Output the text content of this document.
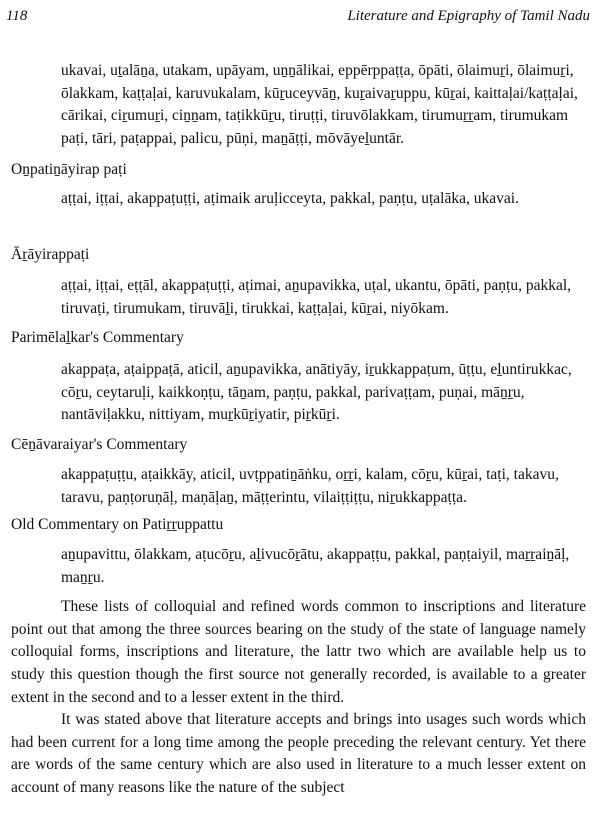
118	Literature and Epigraphy of Tamil Nadu
ukavai, uṯalāṉa, utakam, upāyam, uṉṉālikai, eppērppaṭṭa, ōpāti, ōlaimuṟi, ōlaimuṟi, ōlakkam, kaṭṭaḷai, karuvukalam, kūṟuceyvāṉ, kuṟaivaṟuppu, kūṟai, kaittaḷai/kaṭṭaḷai, cārikai, ciṟumuṟi, ciṉṉam, taṭikkūṟu, tiruṭṭi, tiruvōlakkam, tirumuṟṟam, tirumukam paṭi, tāri, paṭappai, palicu, pūṇi, maṉāṭṭi, mōvāyeḻuntār.
Oṉpatiṉāyirap paṭi
aṭṭai, iṭṭai, akappaṭuṭṭi, aṭimaik aruḷicceyta, pakkal, paṇṭu, uṭalāka, ukavai.
Āṟāyirappaṭi
aṭṭai, iṭṭai, eṭṭāl, akappaṭuṭṭi, aṭimai, aṉupavikka, uṭal, ukantu, ōpāti, paṇṭu, pakkal, tiruvaṭi, tirumukam, tiruvāḻi, tirukkai, kaṭṭaḷai, kūṟai, niyōkam.
Parimēlaḻkar's Commentary
akappaṭa, aṭaippaṭā, aticil, aṉupavikka, anātiyāy, iṟukkappaṭum, ūṭṭu, eḻuntirukkac, cōṟu, ceytaruḷi, kaikkoṇṭu, tāṉam, paṇṭu, pakkal, parivaṭṭam, puṇai, māṉṟu, nantāviḷakku, nittiyam, muṟkūṟiyatir, piṟkūṟi.
Cēṉāvaraiyar's Commentary
akappaṭuṭṭu, aṭaikkāy, aticil, uvṭppatiṉāṅku, oṟṟi, kalam, cōṟu, kūṟai, taṭi, takavu, taravu, paṇṭoruṇāḷ, maṇāḷaṉ, māṭṭerintu, vilaiṭṭiṭṭu, niṟukkappaṭṭa.
Old Commentary on Patiṟṟuppattu
aṉupavittu, ōlakkam, aṭucōṟu, aḻivucōṟātu, akappaṭṭu, pakkal, paṇṭaiyil, maṟṟaiṉāḷ, maṉṟu.

These lists of colloquial and refined words common to inscriptions and literature point out that among the three sources bearing on the study of the state of language namely colloquial forms, inscriptions and literature, the lattr two which are available help us to study this question though the first source not generally recorded, is available to a greater extent in the second and to a lesser extent in the third.

It was stated above that literature accepts and brings into usages such words which had been current for a long time among the people preceding the relevant century. Yet there are words of the same century which are also used in literature to a much lesser extent on account of many reasons like the nature of the subject
